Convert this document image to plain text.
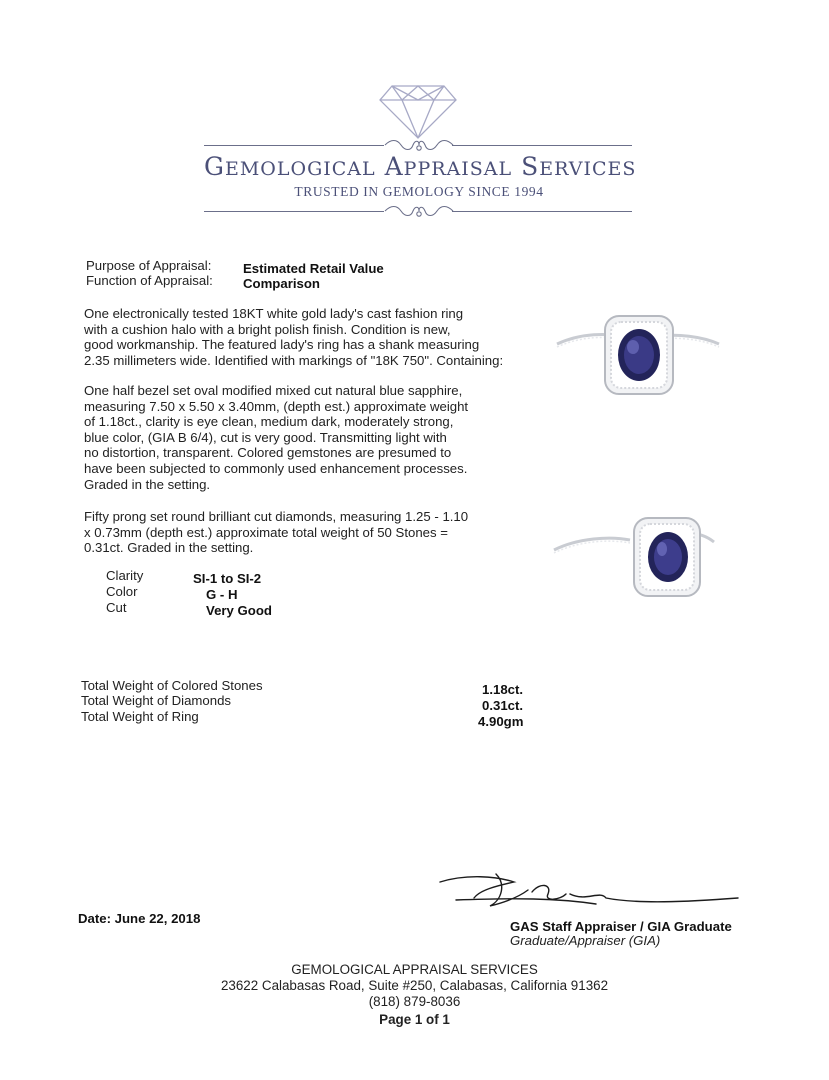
GEMOLOGICAL APPRAISAL SERVICES
TRUSTED IN GEMOLOGY SINCE 1994
Purpose of Appraisal: Estimated Retail Value
Function of Appraisal: Comparison
One electronically tested 18KT white gold lady's cast fashion ring
with a cushion halo with a bright polish finish. Condition is new,
good workmanship. The featured lady's ring has a shank measuring
2.35 millimeters wide. Identified with markings of "18K 750". Containing:
One half bezel set oval modified mixed cut natural blue sapphire,
measuring 7.50 x 5.50 x 3.40mm, (depth est.) approximate weight
of 1.18ct., clarity is eye clean, medium dark, moderately strong,
blue color, (GIA B 6/4), cut is very good. Transmitting light with
no distortion, transparent. Colored gemstones are presumed to
have been subjected to commonly used enhancement processes.
Graded in the setting.
Fifty prong set round brilliant cut diamonds, measuring 1.25 - 1.10
x 0.73mm (depth est.) approximate total weight of 50 Stones =
0.31ct. Graded in the setting.
Clarity	SI-1 to SI-2
Color	G - H
Cut	Very Good
Total Weight of Colored Stones	1.18ct.
Total Weight of Diamonds	0.31ct.
Total Weight of Ring	4.90gm
Date: June 22, 2018
GAS Staff Appraiser / GIA Graduate
Graduate/Appraiser (GIA)
GEMOLOGICAL APPRAISAL SERVICES
23622 Calabasas Road, Suite #250, Calabasas, California 91362
(818) 879-8036
Page 1 of 1
